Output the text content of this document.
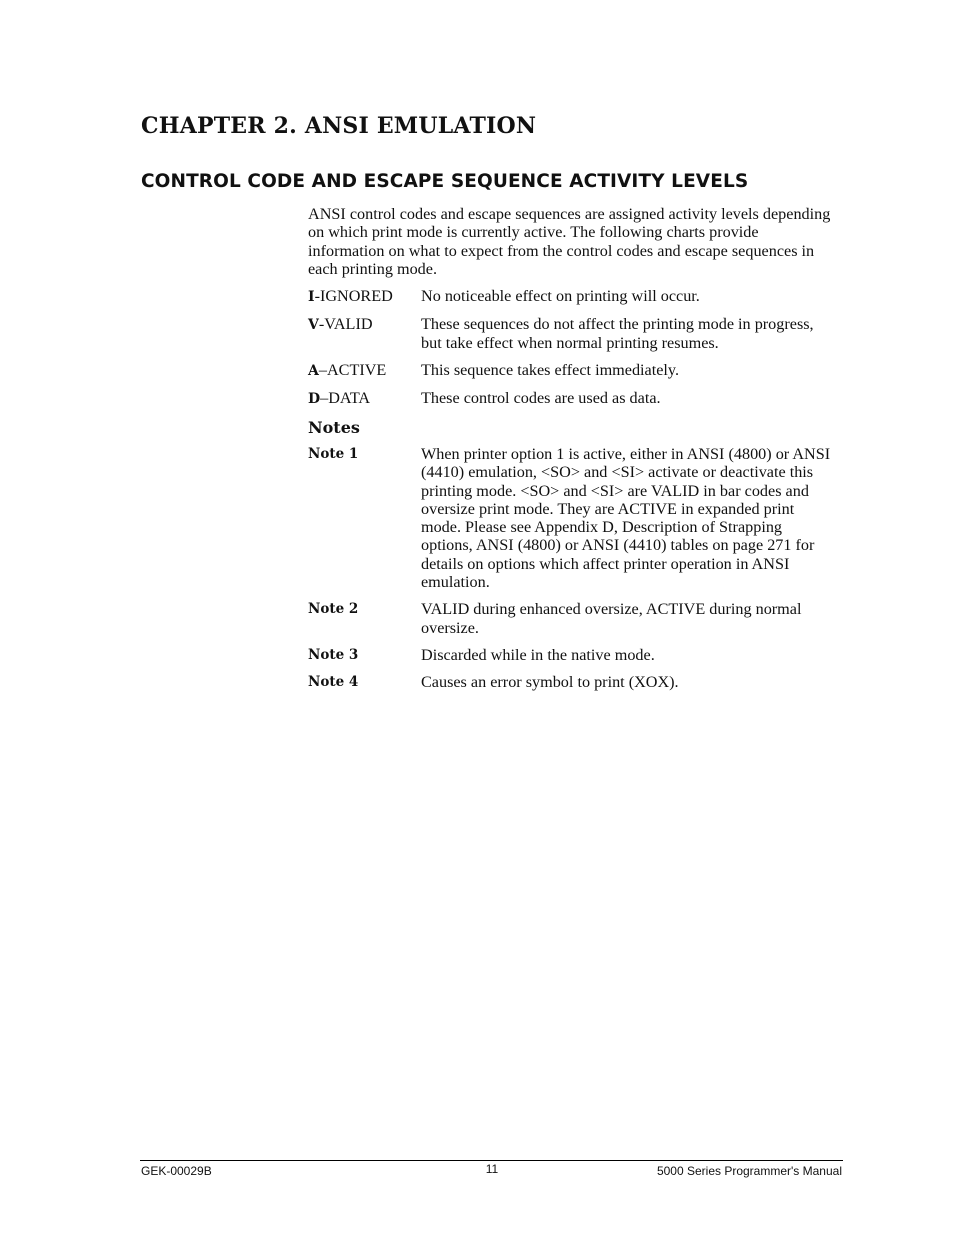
CHAPTER 2. ANSI EMULATION
CONTROL CODE AND ESCAPE SEQUENCE ACTIVITY LEVELS

ANSI control codes and escape sequences are assigned activity levels depending on which print mode is currently active. The following charts provide information on what to expect from the control codes and escape sequences in each printing mode.

I-IGNORED	No noticeable effect on printing will occur.
V-VALID	These sequences do not affect the printing mode in progress, but take effect when normal printing resumes.
A–ACTIVE	This sequence takes effect immediately.
D–DATA	These control codes are used as data.
Notes
Note 1	When printer option 1 is active, either in ANSI (4800) or ANSI (4410) emulation, <SO> and <SI> activate or deactivate this printing mode. <SO> and <SI> are VALID in bar codes and oversize print mode. They are ACTIVE in expanded print mode. Please see Appendix D, Description of Strapping options, ANSI (4800) or ANSI (4410) tables on page 271 for details on options which affect printer operation in ANSI emulation.
Note 2	VALID during enhanced oversize, ACTIVE during normal oversize.
Note 3	Discarded while in the native mode.
Note 4	Causes an error symbol to print (XOX).
GEK-00029B	11	5000 Series Programmer's Manual
